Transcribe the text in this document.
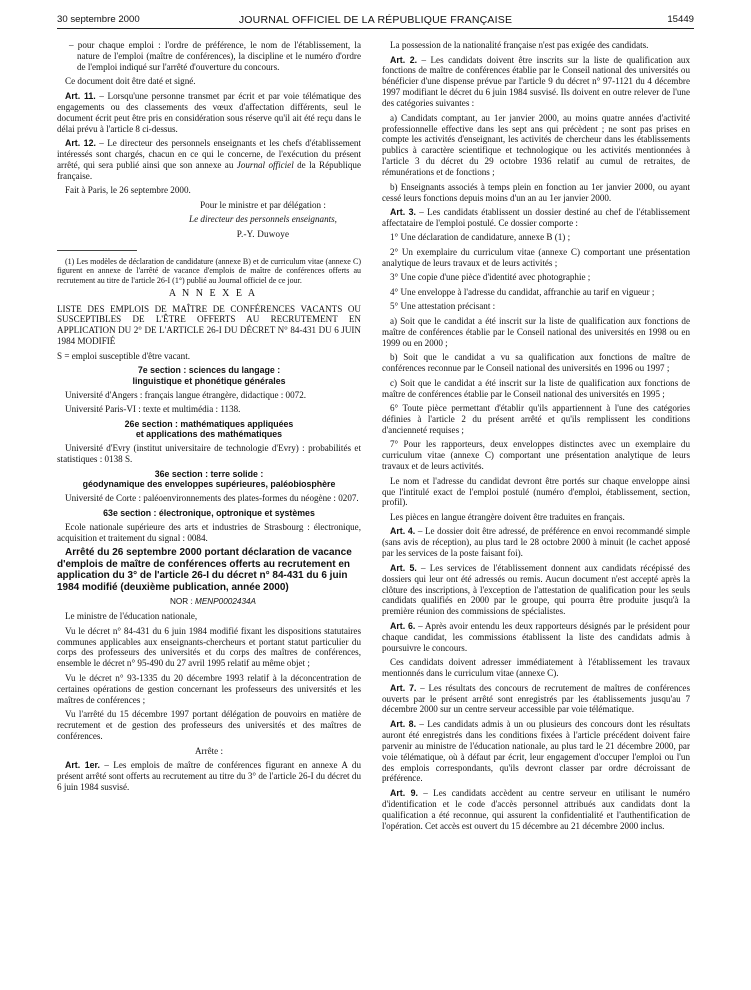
30 septembre 2000	JOURNAL OFFICIEL DE LA RÉPUBLIQUE FRANÇAISE	15449

– pour chaque emploi : l'ordre de préférence, le nom de l'établissement, la nature de l'emploi (maître de conférences), la discipline et le numéro d'ordre de l'emploi indiqué sur l'arrêté d'ouverture du concours.

Ce document doit être daté et signé.

Art. 11. – Lorsqu'une personne transmet par écrit et par voie télématique des engagements ou des classements des vœux d'affectation différents, seul le document écrit peut être pris en considération sous réserve qu'il ait été reçu dans le délai prévu à l'article 8 ci-dessus.

Art. 12. – Le directeur des personnels enseignants et les chefs d'établissement intéressés sont chargés, chacun en ce qui le concerne, de l'exécution du présent arrêté, qui sera publié ainsi que son annexe au Journal officiel de la République française.

Fait à Paris, le 26 septembre 2000.

Pour le ministre et par délégation :

Le directeur des personnels enseignants,

P.-Y. Duwoye

(1) Les modèles de déclaration de candidature (annexe B) et de curriculum vitae (annexe C) figurent en annexe de l'arrêté de vacance d'emplois de maître de conférences offerts au recrutement au titre de l'article 26-I (1°) publié au Journal officiel de ce jour.

A N N E X E A

LISTE DES EMPLOIS DE MAÎTRE DE CONFÉRENCES VACANTS OU SUSCEPTIBLES DE L'ÊTRE OFFERTS AU RECRUTEMENT EN APPLICATION DU 2° DE L'ARTICLE 26-I DU DÉCRET N° 84-431 DU 6 JUIN 1984 MODIFIÉ

S = emploi susceptible d'être vacant.

7e section : sciences du langage :
linguistique et phonétique générales

Université d'Angers : français langue étrangère, didactique : 0072.

Université Paris-VI : texte et multimédia : 1138.

26e section : mathématiques appliquées
et applications des mathématiques

Université d'Evry (institut universitaire de technologie d'Evry) : probabilités et statistiques : 0138 S.

36e section : terre solide :
géodynamique des enveloppes supérieures, paléobiosphère

Université de Corte : paléoenvironnements des plates-formes du néogène : 0207.

63e section : électronique, optronique et systèmes

Ecole nationale supérieure des arts et industries de Strasbourg : électronique, acquisition et traitement du signal : 0084.

Arrêté du 26 septembre 2000 portant déclaration de vacance d'emplois de maître de conférences offerts au recrutement en application du 3° de l'article 26-I du décret n° 84-431 du 6 juin 1984 modifié (deuxième publication, année 2000)

NOR : MENP0002434A

Le ministre de l'éducation nationale,

Vu le décret n° 84-431 du 6 juin 1984 modifié fixant les dispositions statutaires communes applicables aux enseignants-chercheurs et portant statut particulier du corps des professeurs des universités et du corps des maîtres de conférences, ensemble le décret n° 95-490 du 27 avril 1995 relatif au même objet ;

Vu le décret n° 93-1335 du 20 décembre 1993 relatif à la déconcentration de certaines opérations de gestion concernant les professeurs des universités et les maîtres de conférences ;

Vu l'arrêté du 15 décembre 1997 portant délégation de pouvoirs en matière de recrutement et de gestion des professeurs des universités et des maîtres de conférences.

Arrête :

Art. 1er. – Les emplois de maître de conférences figurant en annexe A du présent arrêté sont offerts au recrutement au titre du 3° de l'article 26-I du décret du 6 juin 1984 susvisé.

La possession de la nationalité française n'est pas exigée des candidats.

Art. 2. – Les candidats doivent être inscrits sur la liste de qualification aux fonctions de maître de conférences établie par le Conseil national des universités ou bénéficier d'une dispense prévue par l'article 9 du décret n° 97-1121 du 4 décembre 1997 modifiant le décret du 6 juin 1984 susvisé. Ils doivent en outre relever de l'une des catégories suivantes :

a) Candidats comptant, au 1er janvier 2000, au moins quatre années d'activité professionnelle effective dans les sept ans qui précèdent ; ne sont pas prises en compte les activités d'enseignant, les activités de chercheur dans les établissements publics à caractère scientifique et technologique ou les activités mentionnées à l'article 3 du décret du 29 octobre 1936 relatif au cumul de retraites, de rémunérations et de fonctions ;

b) Enseignants associés à temps plein en fonction au 1er janvier 2000, ou ayant cessé leurs fonctions depuis moins d'un an au 1er janvier 2000.

Art. 3. – Les candidats établissent un dossier destiné au chef de l'établissement affectataire de l'emploi postulé. Ce dossier comporte :

1° Une déclaration de candidature, annexe B (1) ;

2° Un exemplaire du curriculum vitae (annexe C) comportant une présentation analytique de leurs travaux et de leurs activités ;

3° Une copie d'une pièce d'identité avec photographie ;

4° Une enveloppe à l'adresse du candidat, affranchie au tarif en vigueur ;

5° Une attestation précisant :

a) Soit que le candidat a été inscrit sur la liste de qualification aux fonctions de maître de conférences établie par le Conseil national des universités en 1998 ou en 1999 ou en 2000 ;

b) Soit que le candidat a vu sa qualification aux fonctions de maître de conférences reconnue par le Conseil national des universités en 1996 ou 1997 ;

c) Soit que le candidat a été inscrit sur la liste de qualification aux fonctions de maître de conférences établie par le Conseil national des universités en 1995 ;

6° Toute pièce permettant d'établir qu'ils appartiennent à l'une des catégories définies à l'article 2 du présent arrêté et qu'ils remplissent les conditions d'ancienneté requises ;

7° Pour les rapporteurs, deux enveloppes distinctes avec un exemplaire du curriculum vitae (annexe C) comportant une présentation analytique de leurs travaux et de leurs activités.

Le nom et l'adresse du candidat devront être portés sur chaque enveloppe ainsi que l'intitulé exact de l'emploi postulé (numéro d'emploi, établissement, section, profil).

Les pièces en langue étrangère doivent être traduites en français.

Art. 4. – Le dossier doit être adressé, de préférence en envoi recommandé simple (sans avis de réception), au plus tard le 28 octobre 2000 à minuit (le cachet apposé par les services de la poste faisant foi).

Art. 5. – Les services de l'établissement donnent aux candidats récépissé des dossiers qui leur ont été adressés ou remis. Aucun document n'est accepté après la clôture des inscriptions, à l'exception de l'attestation de qualification pour les seuls candidats qualifiés en 2000 par le groupe, qui pourra être produite jusqu'à la première réunion des commissions de spécialistes.

Art. 6. – Après avoir entendu les deux rapporteurs désignés par le président pour chaque candidat, les commissions établissent la liste des candidats admis à poursuivre le concours.

Ces candidats doivent adresser immédiatement à l'établissement les travaux mentionnés dans le curriculum vitae (annexe C).

Art. 7. – Les résultats des concours de recrutement de maîtres de conférences ouverts par le présent arrêté sont enregistrés par les établissements jusqu'au 7 décembre 2000 sur un centre serveur accessible par voie télématique.

Art. 8. – Les candidats admis à un ou plusieurs des concours dont les résultats auront été enregistrés dans les conditions fixées à l'article précédent doivent faire parvenir au ministre de l'éducation nationale, au plus tard le 21 décembre 2000, par voie télématique, où à défaut par écrit, leur engagement d'occuper l'emploi ou l'un des emplois correspondants, qu'ils devront classer par ordre décroissant de préférence.

Art. 9. – Les candidats accèdent au centre serveur en utilisant le numéro d'identification et le code d'accès personnel attribués aux candidats dont la qualification a été reconnue, qui assurent la confidentialité et l'authentification de l'opération. Cet accès est ouvert du 15 décembre au 21 décembre 2000 inclus.
